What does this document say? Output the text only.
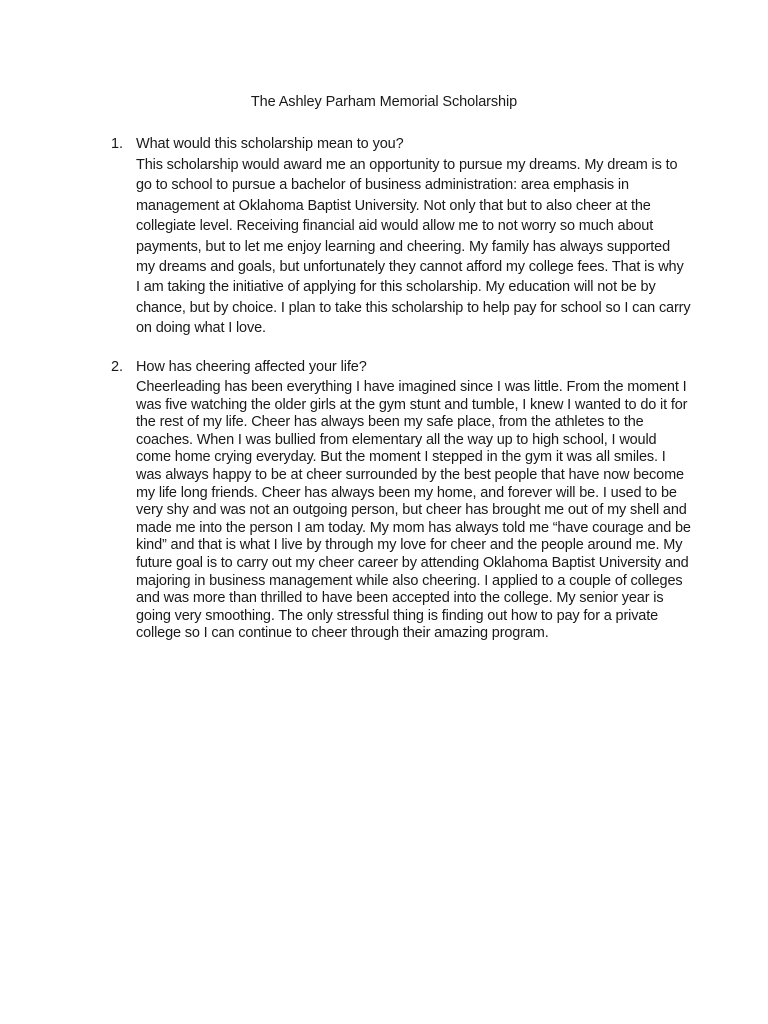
The Ashley Parham Memorial Scholarship
1. What would this scholarship mean to you?
This scholarship would award me an opportunity to pursue my dreams. My dream is to go to school to pursue a bachelor of business administration: area emphasis in management at Oklahoma Baptist University. Not only that but to also cheer at the collegiate level. Receiving financial aid would allow me to not worry so much about payments, but to let me enjoy learning and cheering. My family has always supported my dreams and goals, but unfortunately they cannot afford my college fees. That is why I am taking the initiative of applying for this scholarship. My education will not be by chance, but by choice. I plan to take this scholarship to help pay for school so I can carry on doing what I love.
2. How has cheering affected your life?
Cheerleading has been everything I have imagined since I was little. From the moment I was five watching the older girls at the gym stunt and tumble, I knew I wanted to do it for the rest of my life. Cheer has always been my safe place, from the athletes to the coaches. When I was bullied from elementary all the way up to high school, I would come home crying everyday. But the moment I stepped in the gym it was all smiles. I was always happy to be at cheer surrounded by the best people that have now become my life long friends. Cheer has always been my home, and forever will be. I used to be very shy and was not an outgoing person, but cheer has brought me out of my shell and made me into the person I am today. My mom has always told me “have courage and be kind” and that is what I live by through my love for cheer and the people around me. My future goal is to carry out my cheer career by attending Oklahoma Baptist University and majoring in business management while also cheering. I applied to a couple of colleges and was more than thrilled to have been accepted into the college. My senior year is going very smoothing. The only stressful thing is finding out how to pay for a private college so I can continue to cheer through their amazing program.
